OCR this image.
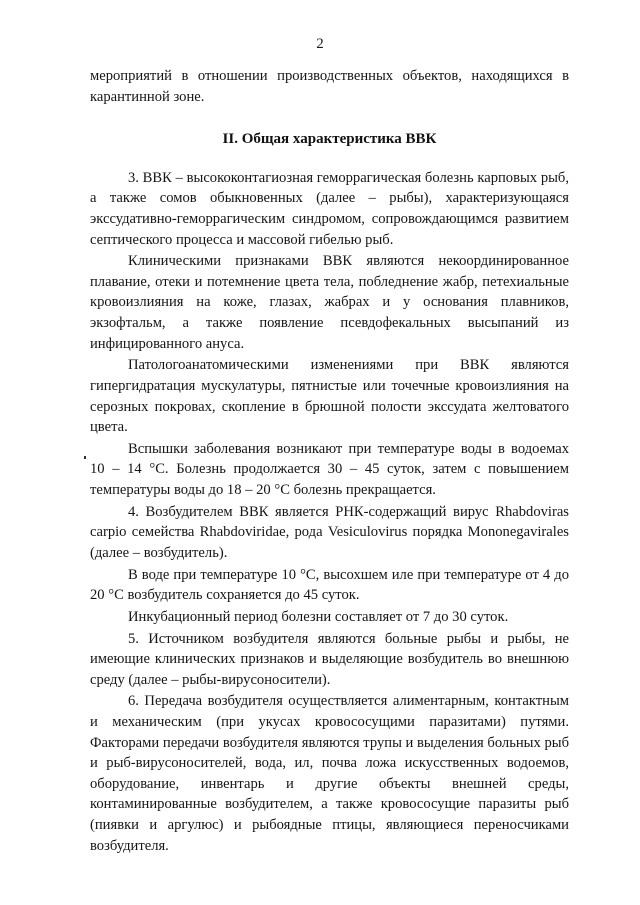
2

мероприятий в отношении производственных объектов, находящихся в карантинной зоне.

II. Общая характеристика ВВК

3. ВВК – высококонтагиозная геморрагическая болезнь карповых рыб, а также сомов обыкновенных (далее – рыбы), характеризующаяся экссудативно-геморрагическим синдромом, сопровождающимся развитием септического процесса и массовой гибелью рыб.

Клиническими признаками ВВК являются некоординированное плавание, отеки и потемнение цвета тела, побледнение жабр, петехиальные кровоизлияния на коже, глазах, жабрах и у основания плавников, экзофтальм, а также появление псевдофекальных высыпаний из инфицированного ануса.

Патологоанатомическими изменениями при ВВК являются гипергидратация мускулатуры, пятнистые или точечные кровоизлияния на серозных покровах, скопление в брюшной полости экссудата желтоватого цвета.

Вспышки заболевания возникают при температуре воды в водоемах 10 – 14 °С. Болезнь продолжается 30 – 45 суток, затем с повышением температуры воды до 18 – 20 °С болезнь прекращается.

4. Возбудителем ВВК является РНК-содержащий вирус Rhabdoviras carpio семейства Rhabdoviridae, рода Vesiculovirus порядка Mononegavirales (далее – возбудитель).

В воде при температуре 10 °С, высохшем иле при температуре от 4 до 20 °С возбудитель сохраняется до 45 суток.

Инкубационный период болезни составляет от 7 до 30 суток.

5. Источником возбудителя являются больные рыбы и рыбы, не имеющие клинических признаков и выделяющие возбудитель во внешнюю среду (далее – рыбы-вирусоносители).

6. Передача возбудителя осуществляется алиментарным, контактным и механическим (при укусах кровососущими паразитами) путями. Факторами передачи возбудителя являются трупы и выделения больных рыб и рыб-вирусоносителей, вода, ил, почва ложа искусственных водоемов, оборудование, инвентарь и другие объекты внешней среды, контаминированные возбудителем, а также кровососущие паразиты рыб (пиявки и аргулюс) и рыбоядные птицы, являющиеся переносчиками возбудителя.
